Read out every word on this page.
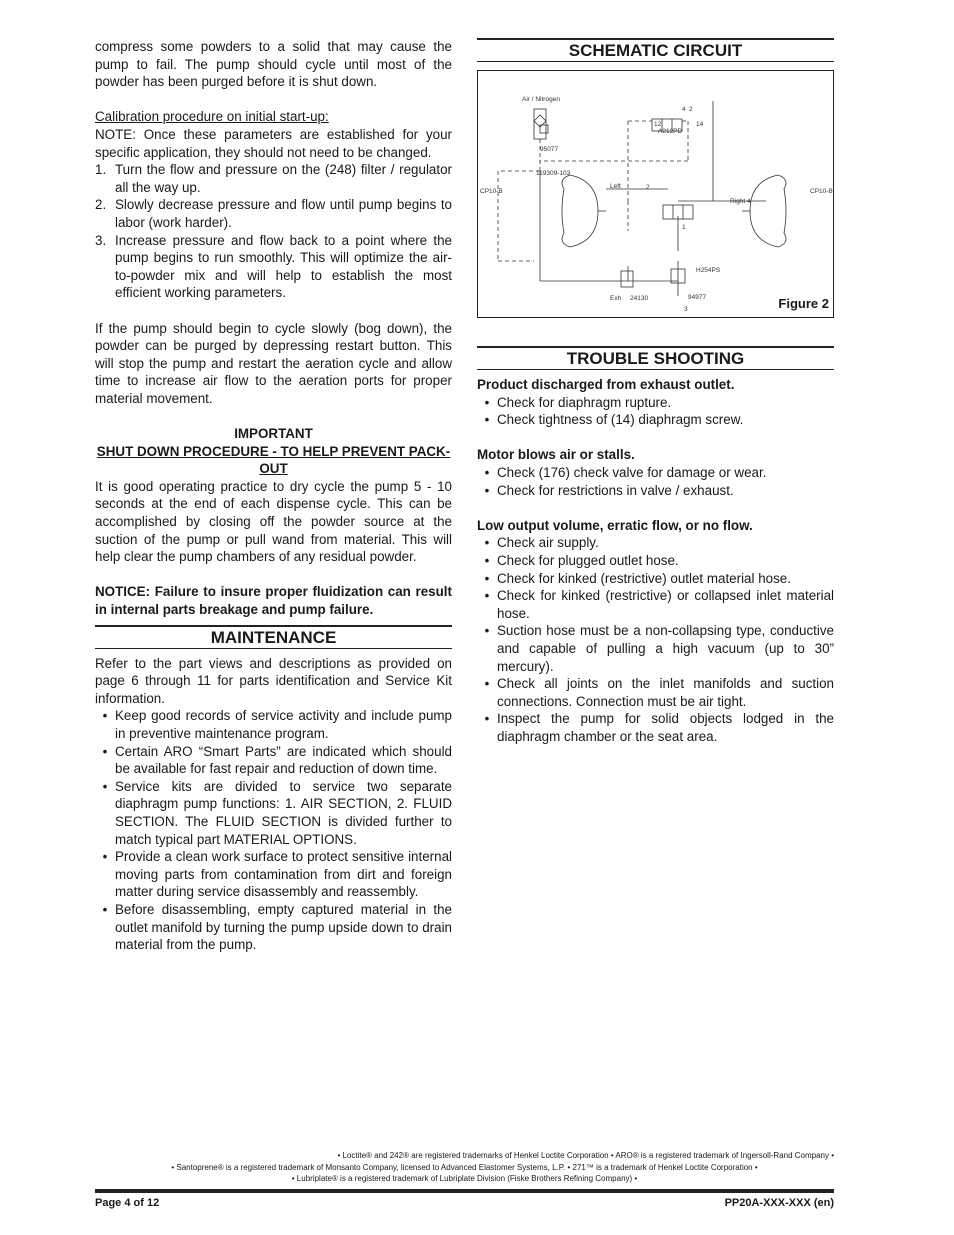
compress some powders to a solid that may cause the pump to fail. The pump should cycle until most of the powder has been purged before it is shut down.

Calibration procedure on initial start-up:

NOTE: Once these parameters are established for your specific application, they should not need to be changed.

1. Turn the flow and pressure on the (248) filter / regulator all the way up.
2. Slowly decrease pressure and flow until pump begins to labor (work harder).
3. Increase pressure and flow back to a point where the pump begins to run smoothly. This will optimize the air-to-powder mix and will help to establish the most efficient working parameters.

If the pump should begin to cycle slowly (bog down), the powder can be purged by depressing restart button. This will stop the pump and restart the aeration cycle and allow time to increase air flow to the aeration ports for proper material movement.

IMPORTANT

SHUT DOWN PROCEDURE - TO HELP PREVENT PACK-OUT

It is good operating practice to dry cycle the pump 5 - 10 seconds at the end of each dispense cycle. This can be accomplished by closing off the powder source at the suction of the pump or pull wand from material. This will help clear the pump chambers of any residual powder.

NOTICE: Failure to insure proper fluidization can result in internal parts breakage and pump failure.

MAINTENANCE

Refer to the part views and descriptions as provided on page 6 through 11 for parts identification and Service Kit information.

• Keep good records of service activity and include pump in preventive maintenance program.
• Certain ARO “Smart Parts” are indicated which should be available for fast repair and reduction of down time.
• Service kits are divided to service two separate diaphragm pump functions: 1. AIR SECTION, 2. FLUID SECTION. The FLUID SECTION is divided further to match typical part MATERIAL OPTIONS.
• Provide a clean work surface to protect sensitive internal moving parts from contamination from dirt and foreign matter during service disassembly and reassembly.
• Before disassembling, empty captured material in the outlet manifold by turning the pump upside down to drain material from the pump.
SCHEMATIC CIRCUIT
Air / Nitrogen
95077
119309-103
A212PD
4 2
12	14
CP10-B	CP10-B
Left
Right 4
2
H254PS
94977
Exh 24130
3
1
Figure 2
TROUBLE SHOOTING

Product discharged from exhaust outlet.

• Check for diaphragm rupture.
• Check tightness of (14) diaphragm screw.

Motor blows air or stalls.

• Check (176) check valve for damage or wear.
• Check for restrictions in valve / exhaust.

Low output volume, erratic flow, or no flow.

• Check air supply.
• Check for plugged outlet hose.
• Check for kinked (restrictive) outlet material hose.
• Check for kinked (restrictive) or collapsed inlet material hose.
• Suction hose must be a non-collapsing type, conductive and capable of pulling a high vacuum (up to 30” mercury).
• Check all joints on the inlet manifolds and suction connections. Connection must be air tight.
• Inspect the pump for solid objects lodged in the diaphragm chamber or the seat area.
• Loctite® and 242® are registered trademarks of Henkel Loctite Corporation • ARO® is a registered trademark of Ingersoll-Rand Company •
• Santoprene® is a registered trademark of Monsanto Company, licensed to Advanced Elastomer Systems, L.P. • 271™ is a trademark of Henkel Loctite Corporation •
• Lubriplate® is a registered trademark of Lubriplate Division (Fiske Brothers Refining Company) •
Page 4 of 12	PP20A-XXX-XXX (en)
